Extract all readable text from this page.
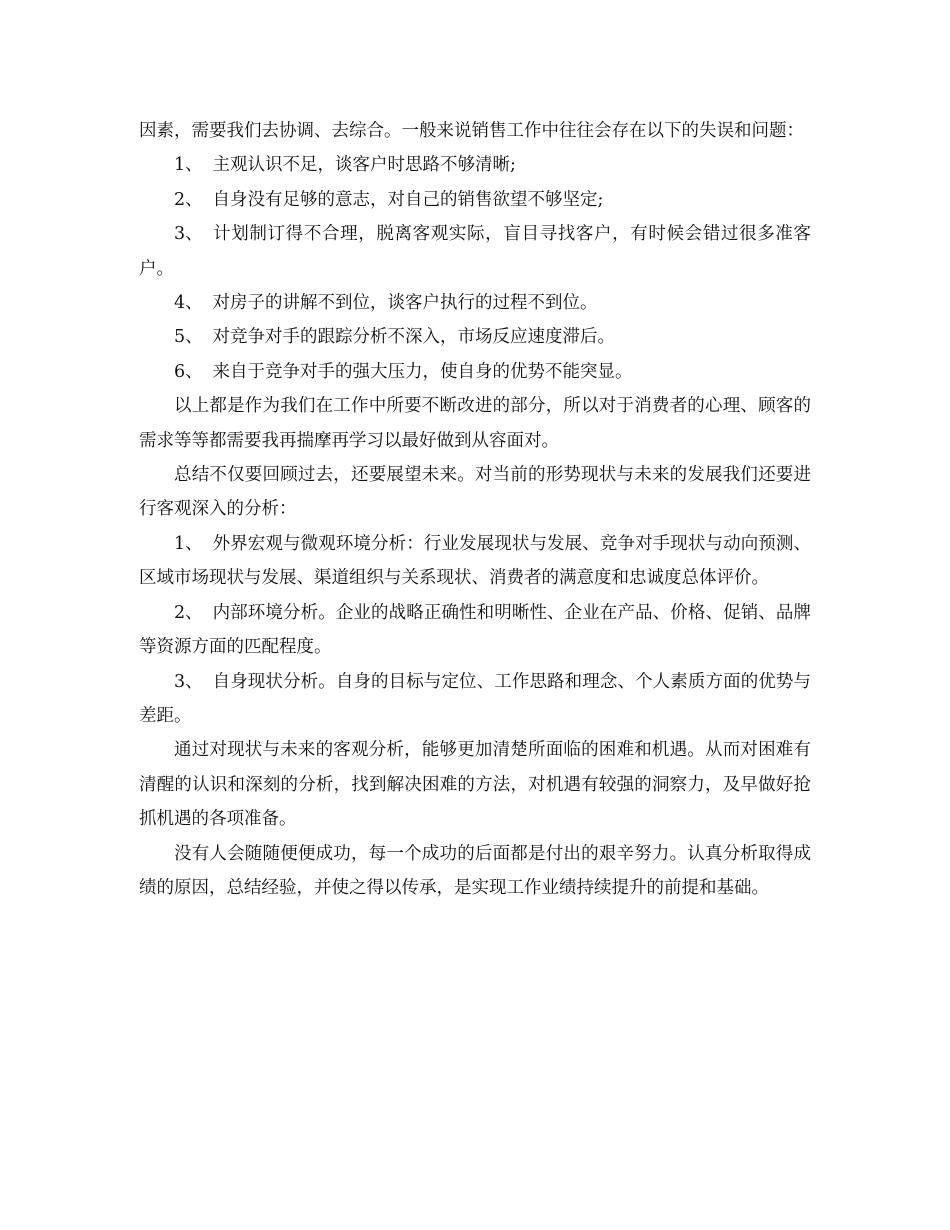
因素，需要我们去协调、去综合。一般来说销售工作中往往会存在以下的失误和问题：

1、 主观认识不足，谈客户时思路不够清晰;

2、 自身没有足够的意志，对自己的销售欲望不够坚定;

3、 计划制订得不合理，脱离客观实际，盲目寻找客户，有时候会错过很多准客户。

4、 对房子的讲解不到位，谈客户执行的过程不到位。

5、 对竞争对手的跟踪分析不深入，市场反应速度滞后。

6、 来自于竞争对手的强大压力，使自身的优势不能突显。

以上都是作为我们在工作中所要不断改进的部分，所以对于消费者的心理、顾客的需求等等都需要我再揣摩再学习以最好做到从容面对。

总结不仅要回顾过去，还要展望未来。对当前的形势现状与未来的发展我们还要进行客观深入的分析：

1、 外界宏观与微观环境分析：行业发展现状与发展、竞争对手现状与动向预测、区域市场现状与发展、渠道组织与关系现状、消费者的满意度和忠诚度总体评价。

2、 内部环境分析。企业的战略正确性和明晰性、企业在产品、价格、促销、品牌等资源方面的匹配程度。

3、 自身现状分析。自身的目标与定位、工作思路和理念、个人素质方面的优势与差距。

通过对现状与未来的客观分析，能够更加清楚所面临的困难和机遇。从而对困难有清醒的认识和深刻的分析，找到解决困难的方法，对机遇有较强的洞察力，及早做好抢抓机遇的各项准备。

没有人会随随便便成功，每一个成功的后面都是付出的艰辛努力。认真分析取得成绩的原因，总结经验，并使之得以传承，是实现工作业绩持续提升的前提和基础。
